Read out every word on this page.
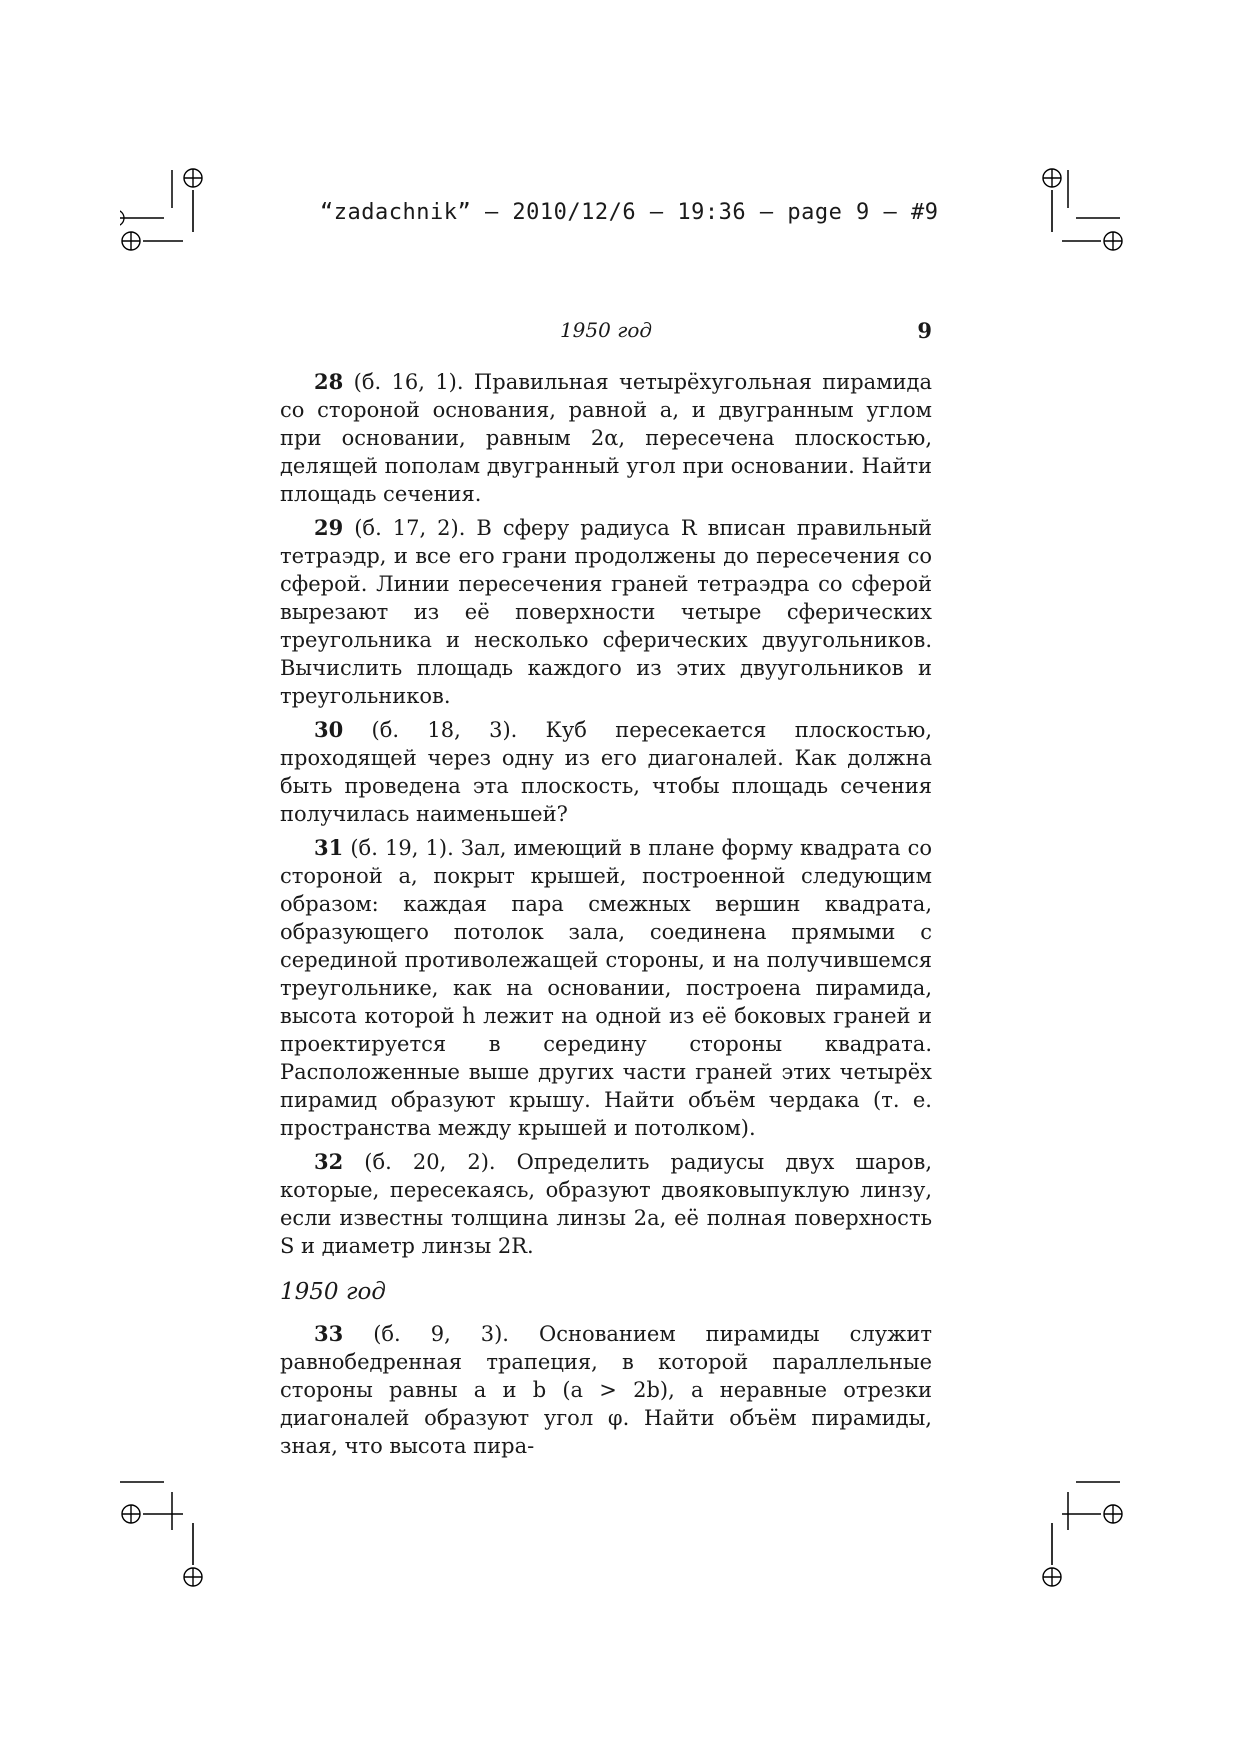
“zadachnik” — 2010/12/6 — 19:36 — page 9 — #9
1950 год	9

28 (б. 16, 1). Правильная четырёхугольная пирамида со стороной основания, равной a, и двугранным углом при основании, равным 2α, пересечена плоскостью, делящей пополам двугранный угол при основании. Найти площадь сечения.

29 (б. 17, 2). В сферу радиуса R вписан правильный тетраэдр, и все его грани продолжены до пересечения со сферой. Линии пересечения граней тетраэдра со сферой вырезают из её поверхности четыре сферических треугольника и несколько сферических двуугольников. Вычислить площадь каждого из этих двуугольников и треугольников.

30 (б. 18, 3). Куб пересекается плоскостью, проходящей через одну из его диагоналей. Как должна быть проведена эта плоскость, чтобы площадь сечения получилась наименьшей?

31 (б. 19, 1). Зал, имеющий в плане форму квадрата со стороной a, покрыт крышей, построенной следующим образом: каждая пара смежных вершин квадрата, образующего потолок зала, соединена прямыми с серединой противолежащей стороны, и на получившемся треугольнике, как на основании, построена пирамида, высота которой h лежит на одной из её боковых граней и проектируется в середину стороны квадрата. Расположенные выше других части граней этих четырёх пирамид образуют крышу. Найти объём чердака (т. е. пространства между крышей и потолком).

32 (б. 20, 2). Определить радиусы двух шаров, которые, пересекаясь, образуют двояковыпуклую линзу, если известны толщина линзы 2a, её полная поверхность S и диаметр линзы 2R.

1950 год

33 (б. 9, 3). Основанием пирамиды служит равнобедренная трапеция, в которой параллельные стороны равны a и b (a > 2b), а неравные отрезки диагоналей образуют угол φ. Найти объём пирамиды, зная, что высота пира-
